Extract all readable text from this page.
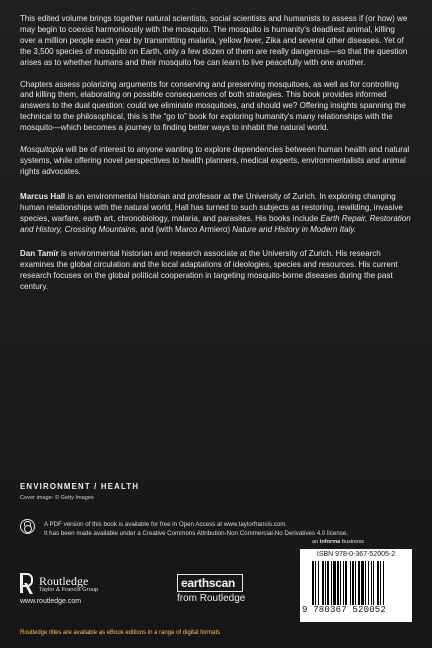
This edited volume brings together natural scientists, social scientists and humanists to assess if (or how) we may begin to coexist harmoniously with the mosquito. The mosquito is humanity's deadliest animal, killing over a million people each year by transmitting malaria, yellow fever, Zika and several other diseases. Yet of the 3,500 species of mosquito on Earth, only a few dozen of them are really dangerous—so that the question arises as to whether humans and their mosquito foe can learn to live peacefully with one another.

Chapters assess polarizing arguments for conserving and preserving mosquitoes, as well as for controlling and killing them, elaborating on possible consequences of both strategies. This book provides informed answers to the dual question: could we eliminate mosquitoes, and should we? Offering insights spanning the technical to the philosophical, this is the “go to” book for exploring humanity's many relationships with the mosquito—which becomes a journey to finding better ways to inhabit the natural world.

Mosquitopia will be of interest to anyone wanting to explore dependencies between human health and natural systems, while offering novel perspectives to health planners, medical experts, environmentalists and animal rights advocates.

Marcus Hall is an environmental historian and professor at the University of Zurich. In exploring changing human relationships with the natural world, Hall has turned to such subjects as restoring, rewilding, invasive species, warfare, earth art, chronobiology, malaria, and parasites. His books include Earth Repair, Restoration and History, Crossing Mountains, and (with Marco Armiero) Nature and History in Modern Italy.

Dan Tamïr is environmental historian and research associate at the University of Zurich. His research examines the global circulation and the local adaptations of ideologies, species and resources. His current research focuses on the global political cooperation in targeting mosquito-borne diseases during the past century.

ENVIRONMENT / HEALTH
Cover image: © Getty Images
A PDF version of this book is available for free in Open Access at www.taylorfrancis.com.
It has been made available under a Creative Commons Attribution-Non Commercial-No Derivatives 4.0 license.
Routledge
Taylor & Francis Group
www.routledge.com
earthscan
from Routledge
an informa business
ISBN 978-0-367-52005-2
9 780367 520052
Routledge titles are available as eBook editions in a range of digital formats
